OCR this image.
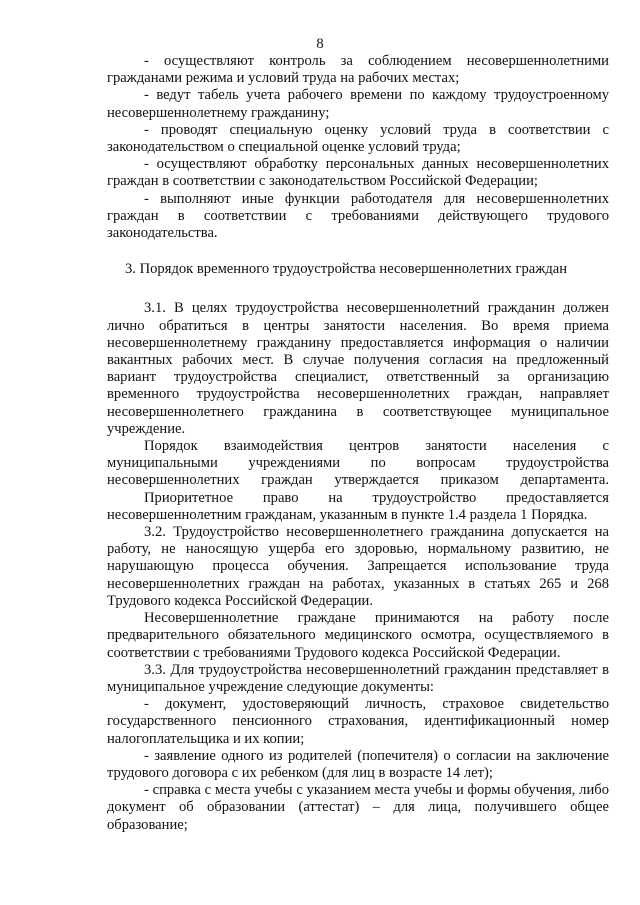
8

- осуществляют контроль за соблюдением несовершеннолетними гражданами режима и условий труда на рабочих местах;

- ведут табель учета рабочего времени по каждому трудоустроенному несовершеннолетнему гражданину;

- проводят специальную оценку условий труда в соответствии с законодательством о специальной оценке условий труда;

- осуществляют обработку персональных данных несовершеннолетних граждан в соответствии с законодательством Российской Федерации;

- выполняют иные функции работодателя для несовершеннолетних граждан в соответствии с требованиями действующего трудового законодательства.

3. Порядок временного трудоустройства несовершеннолетних граждан

3.1. В целях трудоустройства несовершеннолетний гражданин должен лично обратиться в центры занятости населения. Во время приема несовершеннолетнему гражданину предоставляется информация о наличии вакантных рабочих мест. В случае получения согласия на предложенный вариант трудоустройства специалист, ответственный за организацию временного трудоустройства несовершеннолетних граждан, направляет несовершеннолетнего гражданина в соответствующее муниципальное учреждение.

Порядок взаимодействия центров занятости населения с муниципальными учреждениями по вопросам трудоустройства несовершеннолетних граждан утверждается приказом департамента.

Приоритетное право на трудоустройство предоставляется несовершеннолетним гражданам, указанным в пункте 1.4 раздела 1 Порядка.

3.2. Трудоустройство несовершеннолетнего гражданина допускается на работу, не наносящую ущерба его здоровью, нормальному развитию, не нарушающую процесса обучения. Запрещается использование труда несовершеннолетних граждан на работах, указанных в статьях 265 и 268 Трудового кодекса Российской Федерации.

Несовершеннолетние граждане принимаются на работу после предварительного обязательного медицинского осмотра, осуществляемого в соответствии с требованиями Трудового кодекса Российской Федерации.

3.3. Для трудоустройства несовершеннолетний гражданин представляет в муниципальное учреждение следующие документы:

- документ, удостоверяющий личность, страховое свидетельство государственного пенсионного страхования, идентификационный номер налогоплательщика и их копии;

- заявление одного из родителей (попечителя) о согласии на заключение трудового договора с их ребенком (для лиц в возрасте 14 лет);

- справка с места учебы с указанием места учебы и формы обучения, либо документ об образовании (аттестат) – для лица, получившего общее образование;
